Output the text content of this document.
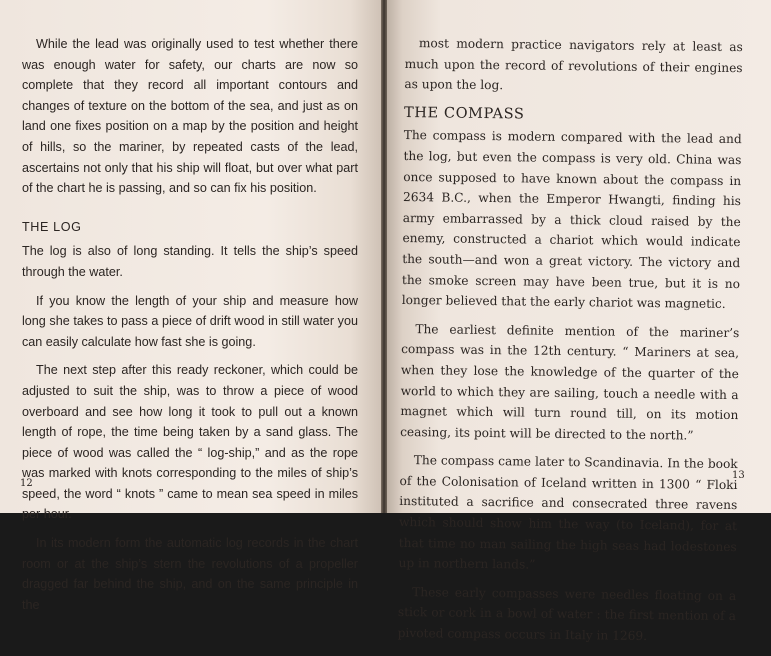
While the lead was originally used to test whether there was enough water for safety, our charts are now so complete that they record all important contours and changes of texture on the bottom of the sea, and just as on land one fixes position on a map by the position and height of hills, so the mariner, by repeated casts of the lead, ascertains not only that his ship will float, but over what part of the chart he is passing, and so can fix his position.

THE LOG

The log is also of long standing. It tells the ship’s speed through the water.

If you know the length of your ship and measure how long she takes to pass a piece of drift wood in still water you can easily calculate how fast she is going.

The next step after this ready reckoner, which could be adjusted to suit the ship, was to throw a piece of wood overboard and see how long it took to pull out a known length of rope, the time being taken by a sand glass. The piece of wood was called the “ log-ship,” and as the rope was marked with knots corresponding to the miles of ship’s speed, the word “ knots ” came to mean sea speed in miles per hour.

In its modern form the automatic log records in the chart room or at the ship’s stern the revolutions of a propeller dragged far behind the ship, and on the same principle in the

12

most modern practice navigators rely at least as much upon the record of revolutions of their engines as upon the log.

THE COMPASS

The compass is modern compared with the lead and the log, but even the compass is very old. China was once supposed to have known about the compass in 2634 B.C., when the Emperor Hwangti, finding his army embarrassed by a thick cloud raised by the enemy, constructed a chariot which would indicate the south—and won a great victory. The victory and the smoke screen may have been true, but it is no longer believed that the early chariot was magnetic.

The earliest definite mention of the mariner’s compass was in the 12th century. “ Mariners at sea, when they lose the knowledge of the quarter of the world to which they are sailing, touch a needle with a magnet which will turn round till, on its motion ceasing, its point will be directed to the north.”

The compass came later to Scandinavia. In the book of the Colonisation of Iceland written in 1300 “ Floki instituted a sacrifice and consecrated three ravens which should show him the way (to Iceland), for at that time no man sailing the high seas had lodestones up in northern lands.”

These early compasses were needles floating on a stick or cork in a bowl of water : the first mention of a pivoted compass occurs in Italy in 1269.

13
